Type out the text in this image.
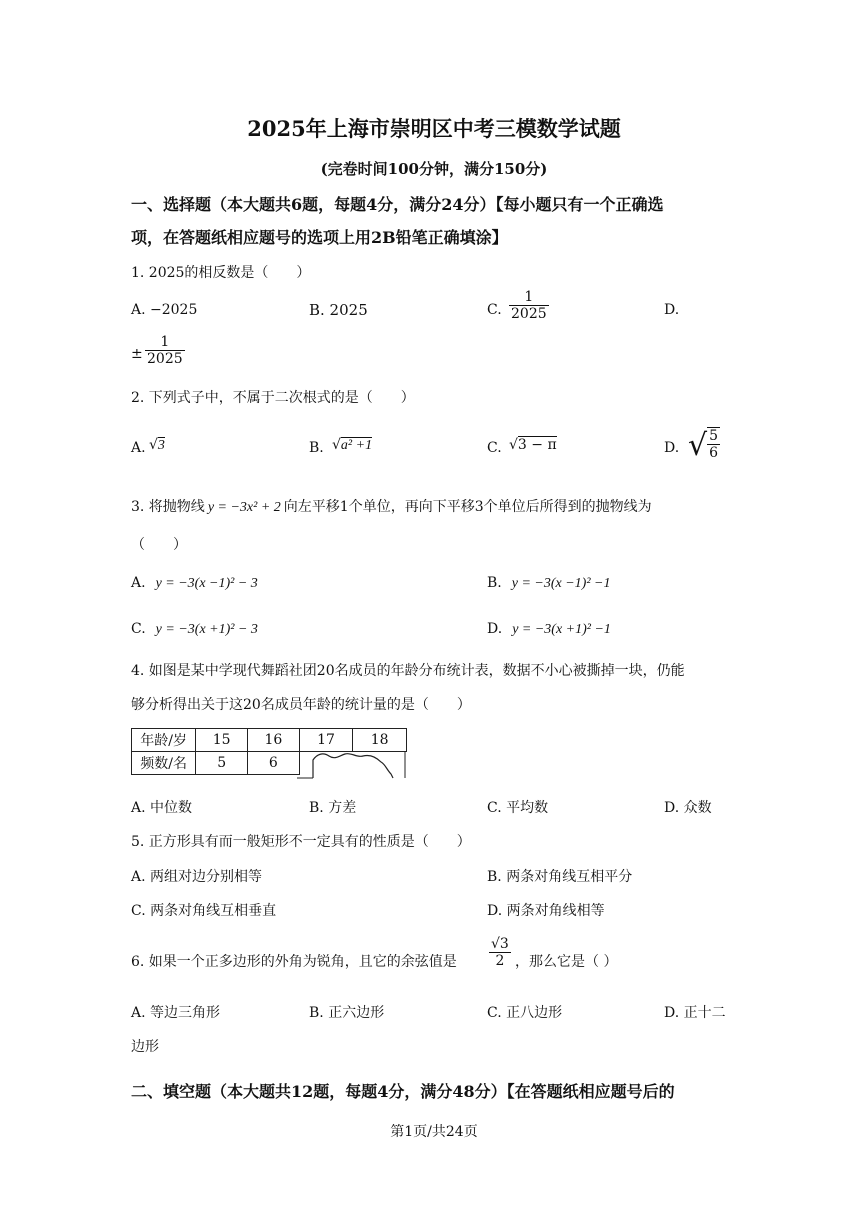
2025年上海市崇明区中考三模数学试题
(完卷时间100分钟，满分150分)
一、选择题（本大题共6题，每题4分，满分24分）【每小题只有一个正确选
项，在答题纸相应题号的选项上用2B铅笔正确填涂】
1. 2025的相反数是（　　）
A. −2025	B. 2025	C. $\frac{1}{2025}$	D.
± $\frac{1}{2025}$
2. 下列式子中，不属于二次根式的是（　　）
A. √3	B. √a² +1	C. √3 − π	D. √ $\frac{5}{6}$
3. 将抛物线 y = −3x² + 2 向左平移1个单位，再向下平移3个单位后所得到的抛物线为
（　　）
A. y = −3(x −1)² − 3	B. y = −3(x −1)² −1
C. y = −3(x +1)² − 3	D. y = −3(x +1)² −1
4. 如图是某中学现代舞蹈社团20名成员的年龄分布统计表，数据不小心被撕掉一块，仍能
够分析得出关于这20名成员年龄的统计量的是（　　）
年龄/岁	15	16	17	18
频数/名	5	6		
A. 中位数	B. 方差	C. 平均数	D. 众数
5. 正方形具有而一般矩形不一定具有的性质是（　　）
A. 两组对边分别相等	B. 两条对角线互相平分
C. 两条对角线互相垂直	D. 两条对角线相等
6. 如果一个正多边形的外角为锐角，且它的余弦值是 $\frac{√3}{2}$ ，那么它是（ ）
A. 等边三角形	B. 正六边形	C. 正八边形	D. 正十二
边形
二、填空题（本大题共12题，每题4分，满分48分）【在答题纸相应题号后的
第1页/共24页
